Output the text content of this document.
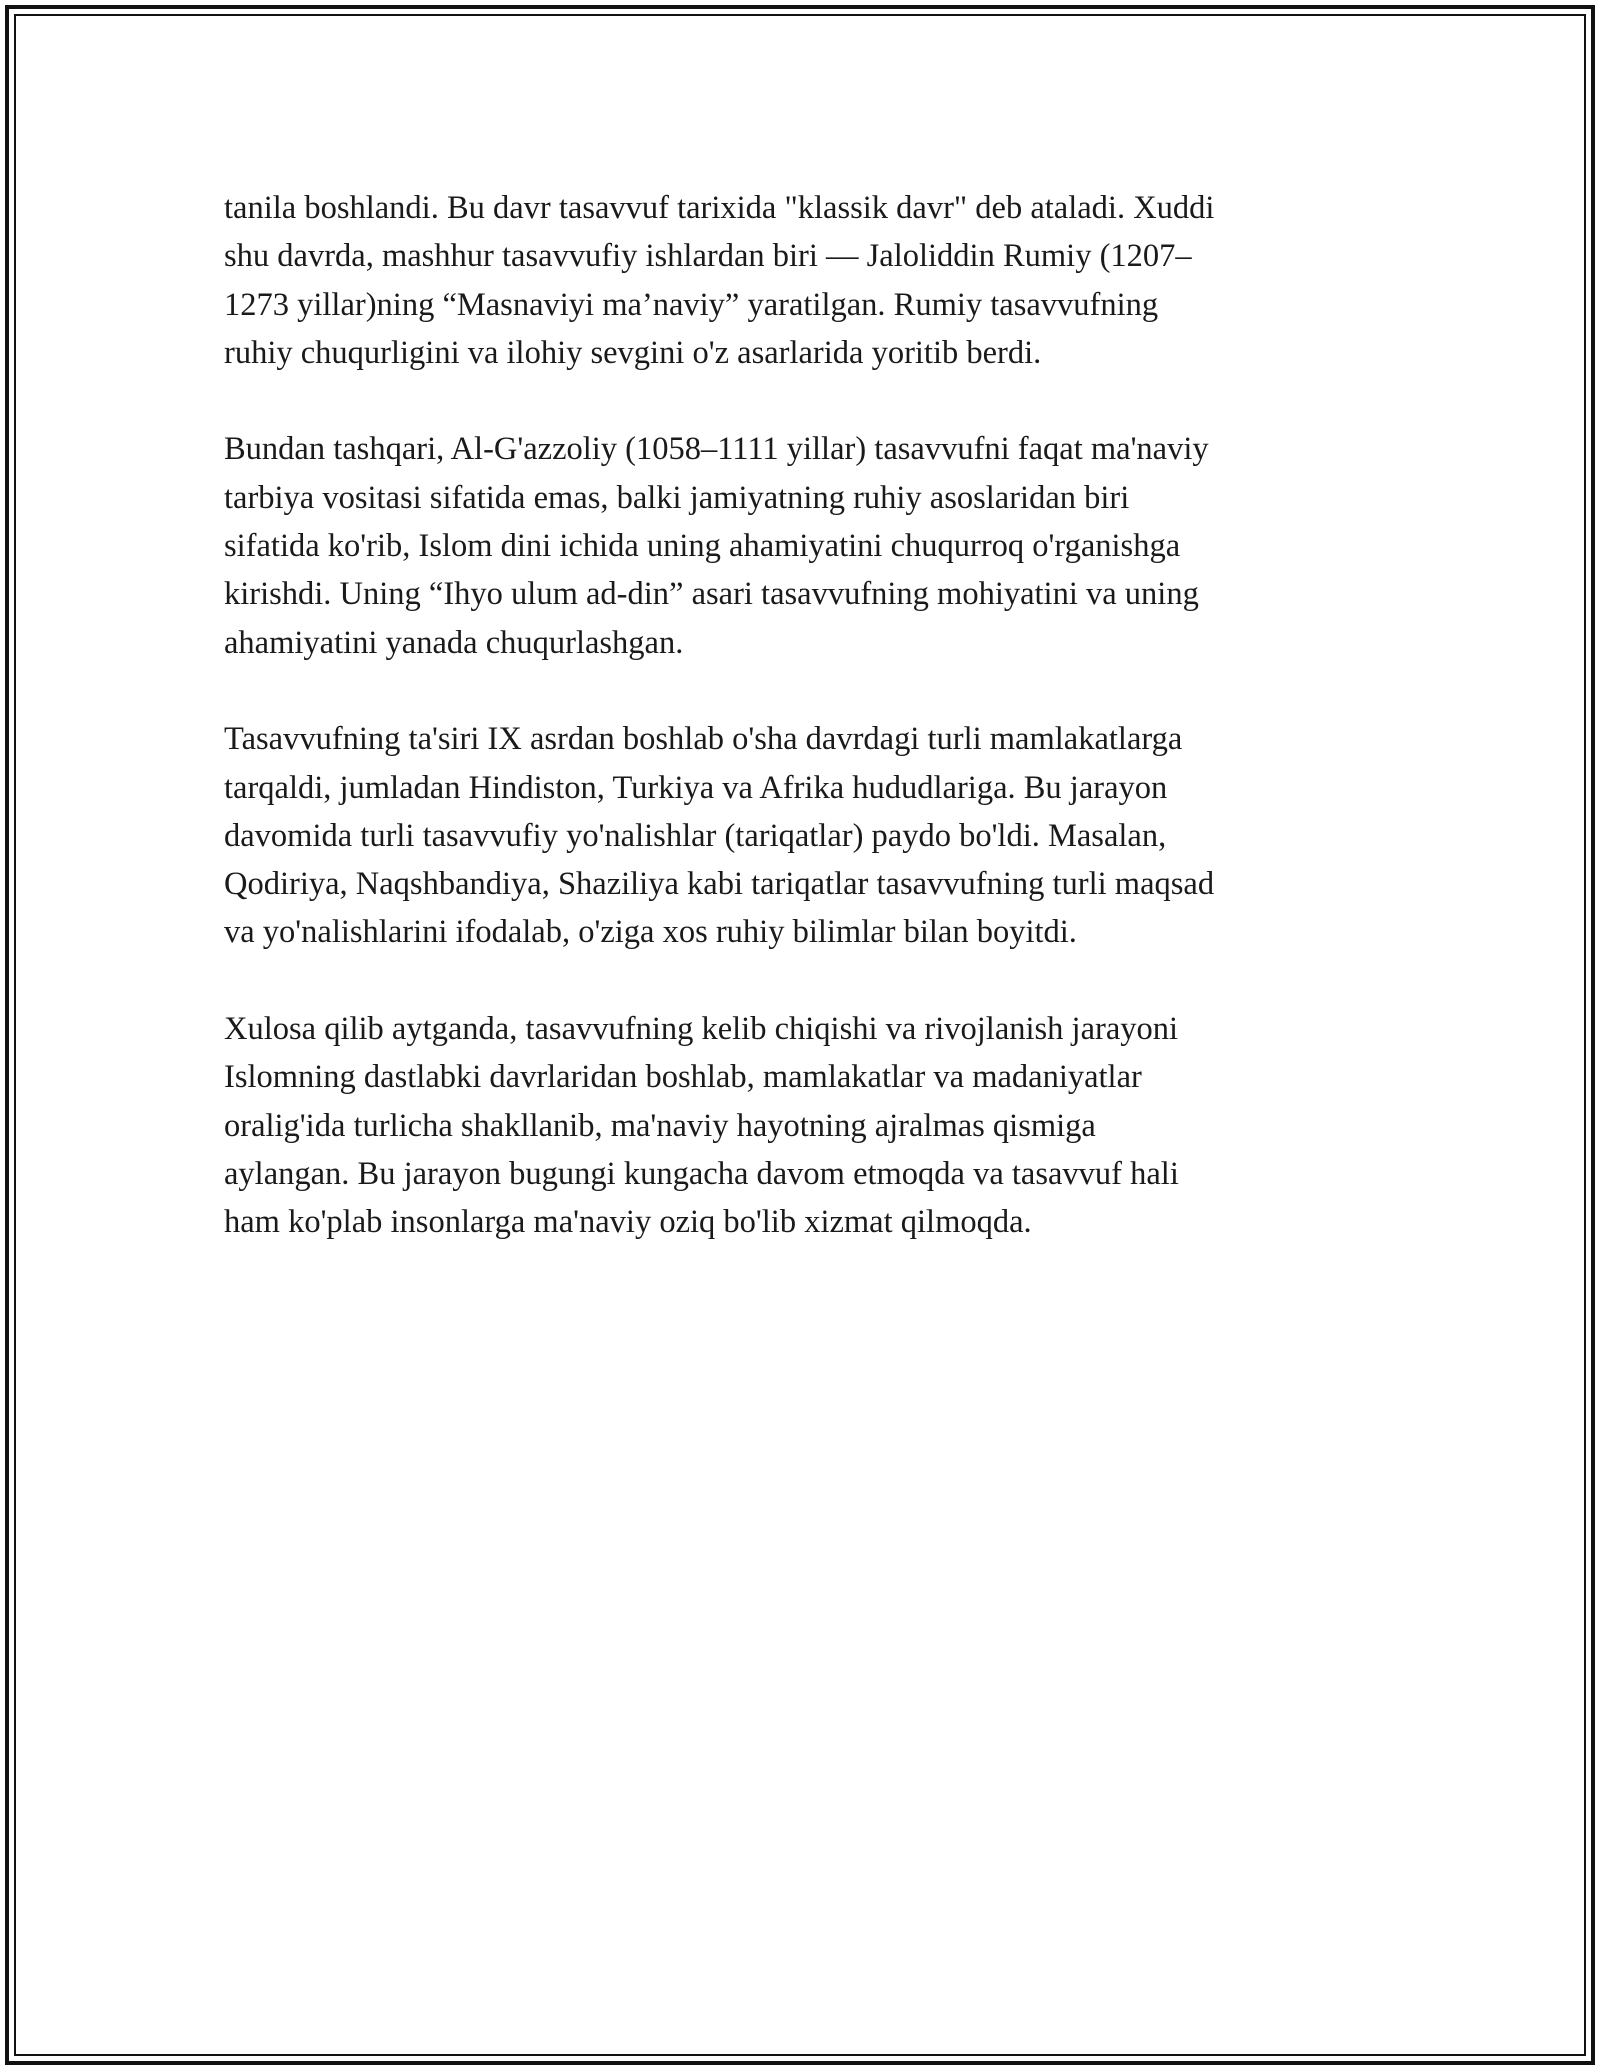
tanila boshlandi. Bu davr tasavvuf tarixida "klassik davr" deb ataladi. Xuddi
shu davrda, mashhur tasavvufiy ishlardan biri — Jaloliddin Rumiy (1207–
1273 yillar)ning “Masnaviyi ma’naviy” yaratilgan. Rumiy tasavvufning
ruhiy chuqurligini va ilohiy sevgini o'z asarlarida yoritib berdi.
Bundan tashqari, Al-G'azzoliy (1058–1111 yillar) tasavvufni faqat ma'naviy
tarbiya vositasi sifatida emas, balki jamiyatning ruhiy asoslaridan biri
sifatida ko'rib, Islom dini ichida uning ahamiyatini chuqurroq o'rganishga
kirishdi. Uning “Ihyo ulum ad-din” asari tasavvufning mohiyatini va uning
ahamiyatini yanada chuqurlashgan.
Tasavvufning ta'siri IX asrdan boshlab o'sha davrdagi turli mamlakatlarga
tarqaldi, jumladan Hindiston, Turkiya va Afrika hududlariga. Bu jarayon
davomida turli tasavvufiy yo'nalishlar (tariqatlar) paydo bo'ldi. Masalan,
Qodiriya, Naqshbandiya, Shaziliya kabi tariqatlar tasavvufning turli maqsad
va yo'nalishlarini ifodalab, o'ziga xos ruhiy bilimlar bilan boyitdi.
Xulosa qilib aytganda, tasavvufning kelib chiqishi va rivojlanish jarayoni
Islomning dastlabki davrlaridan boshlab, mamlakatlar va madaniyatlar
oralig'ida turlicha shakllanib, ma'naviy hayotning ajralmas qismiga
aylangan. Bu jarayon bugungi kungacha davom etmoqda va tasavvuf hali
ham ko'plab insonlarga ma'naviy oziq bo'lib xizmat qilmoqda.
